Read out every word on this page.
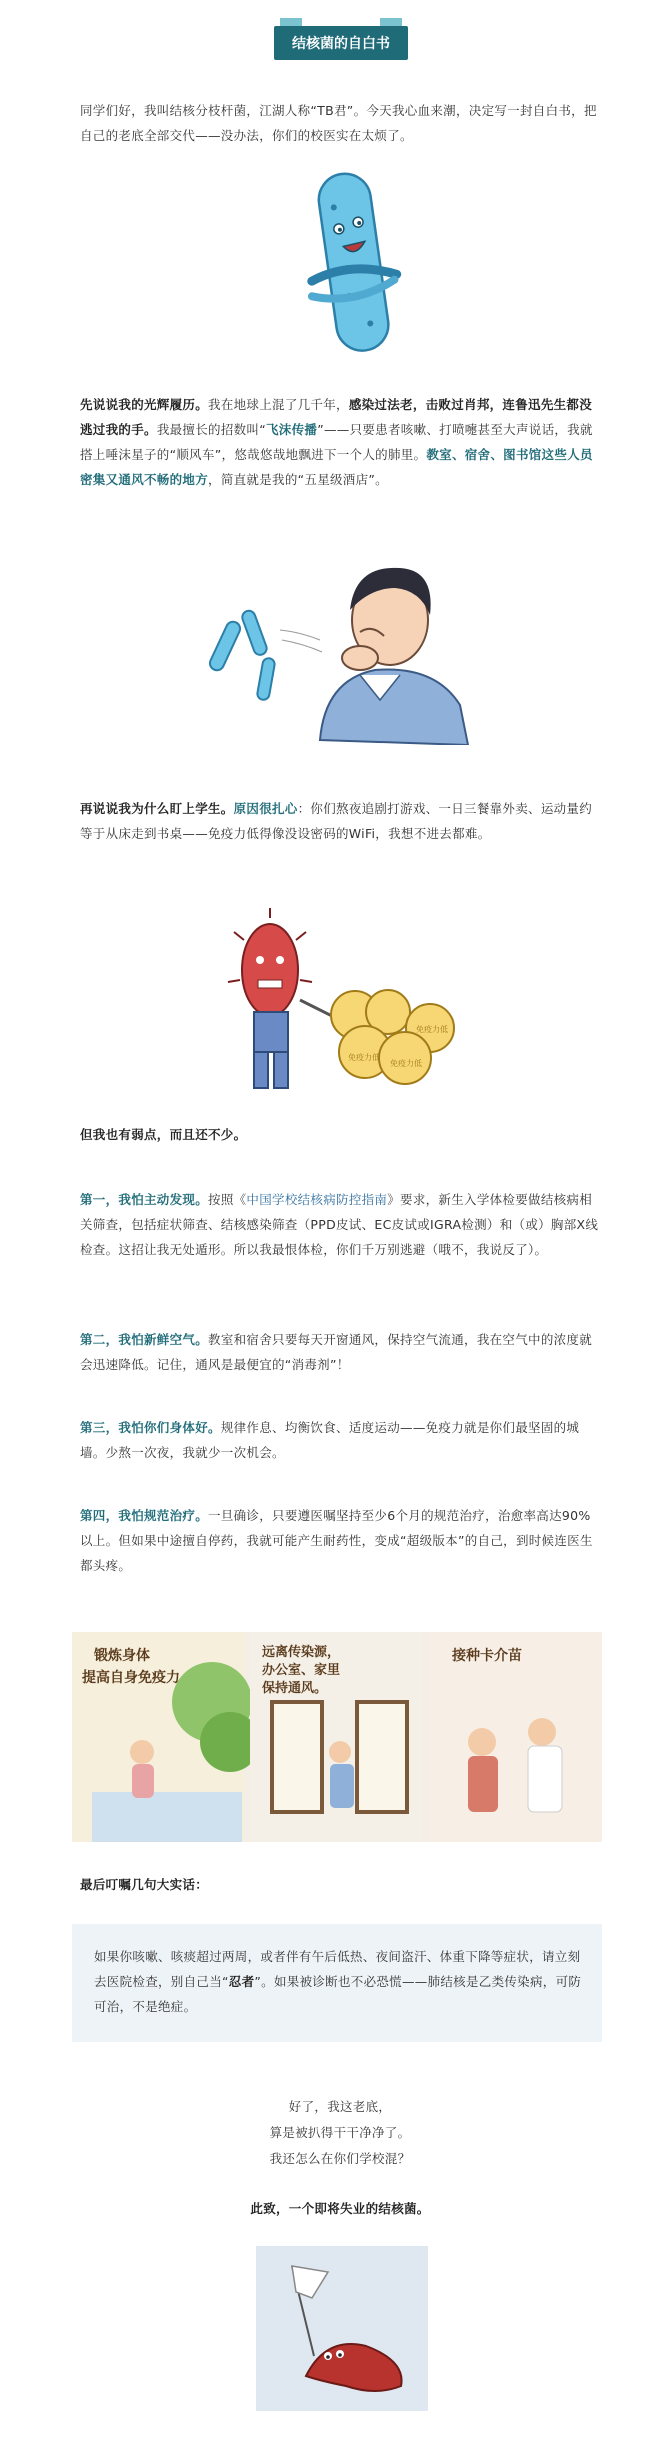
结核菌的自白书
同学们好，我叫结核分枝杆菌，江湖人称“TB君”。今天我心血来潮，决定写一封自白书，把自己的老底全部交代——没办法，你们的校医实在太烦了。
先说说我的光辉履历。我在地球上混了几千年，感染过法老，击败过肖邦，连鲁迅先生都没逃过我的手。我最擅长的招数叫“飞沫传播”——只要患者咳嗽、打喷嚏甚至大声说话，我就搭上唾沫星子的“顺风车”，悠哉悠哉地飘进下一个人的肺里。教室、宿舍、图书馆这些人员密集又通风不畅的地方，简直就是我的“五星级酒店”。
再说说我为什么盯上学生。原因很扎心：你们熬夜追剧打游戏、一日三餐靠外卖、运动量约等于从床走到书桌——免疫力低得像没设密码的WiFi，我想不进去都难。
免疫力低
免疫力低
免疫力低
但我也有弱点，而且还不少。
第一，我怕主动发现。按照《中国学校结核病防控指南》要求，新生入学体检要做结核病相关筛查，包括症状筛查、结核感染筛查（PPD皮试、EC皮试或IGRA检测）和（或）胸部X线检查。这招让我无处遁形。所以我最恨体检，你们千万别逃避（哦不，我说反了）。
第二，我怕新鲜空气。教室和宿舍只要每天开窗通风，保持空气流通，我在空气中的浓度就会迅速降低。记住，通风是最便宜的“消毒剂”！
第三，我怕你们身体好。规律作息、均衡饮食、适度运动——免疫力就是你们最坚固的城墙。少熬一次夜，我就少一次机会。
第四，我怕规范治疗。一旦确诊，只要遵医嘱坚持至少6个月的规范治疗，治愈率高达90%以上。但如果中途擅自停药，我就可能产生耐药性，变成“超级版本”的自己，到时候连医生都头疼。
锻炼身体
提高自身免疫力
远离传染源，
办公室、家里
保持通风。
接种卡介苗
最后叮嘱几句大实话：
如果你咳嗽、咳痰超过两周，或者伴有午后低热、夜间盗汗、体重下降等症状，请立刻去医院检查，别自己当“忍者”。如果被诊断也不必恐慌——肺结核是乙类传染病，可防可治，不是绝症。
好了，我这老底，
算是被扒得干干净净了。
我还怎么在你们学校混？
此致，一个即将失业的结核菌。
